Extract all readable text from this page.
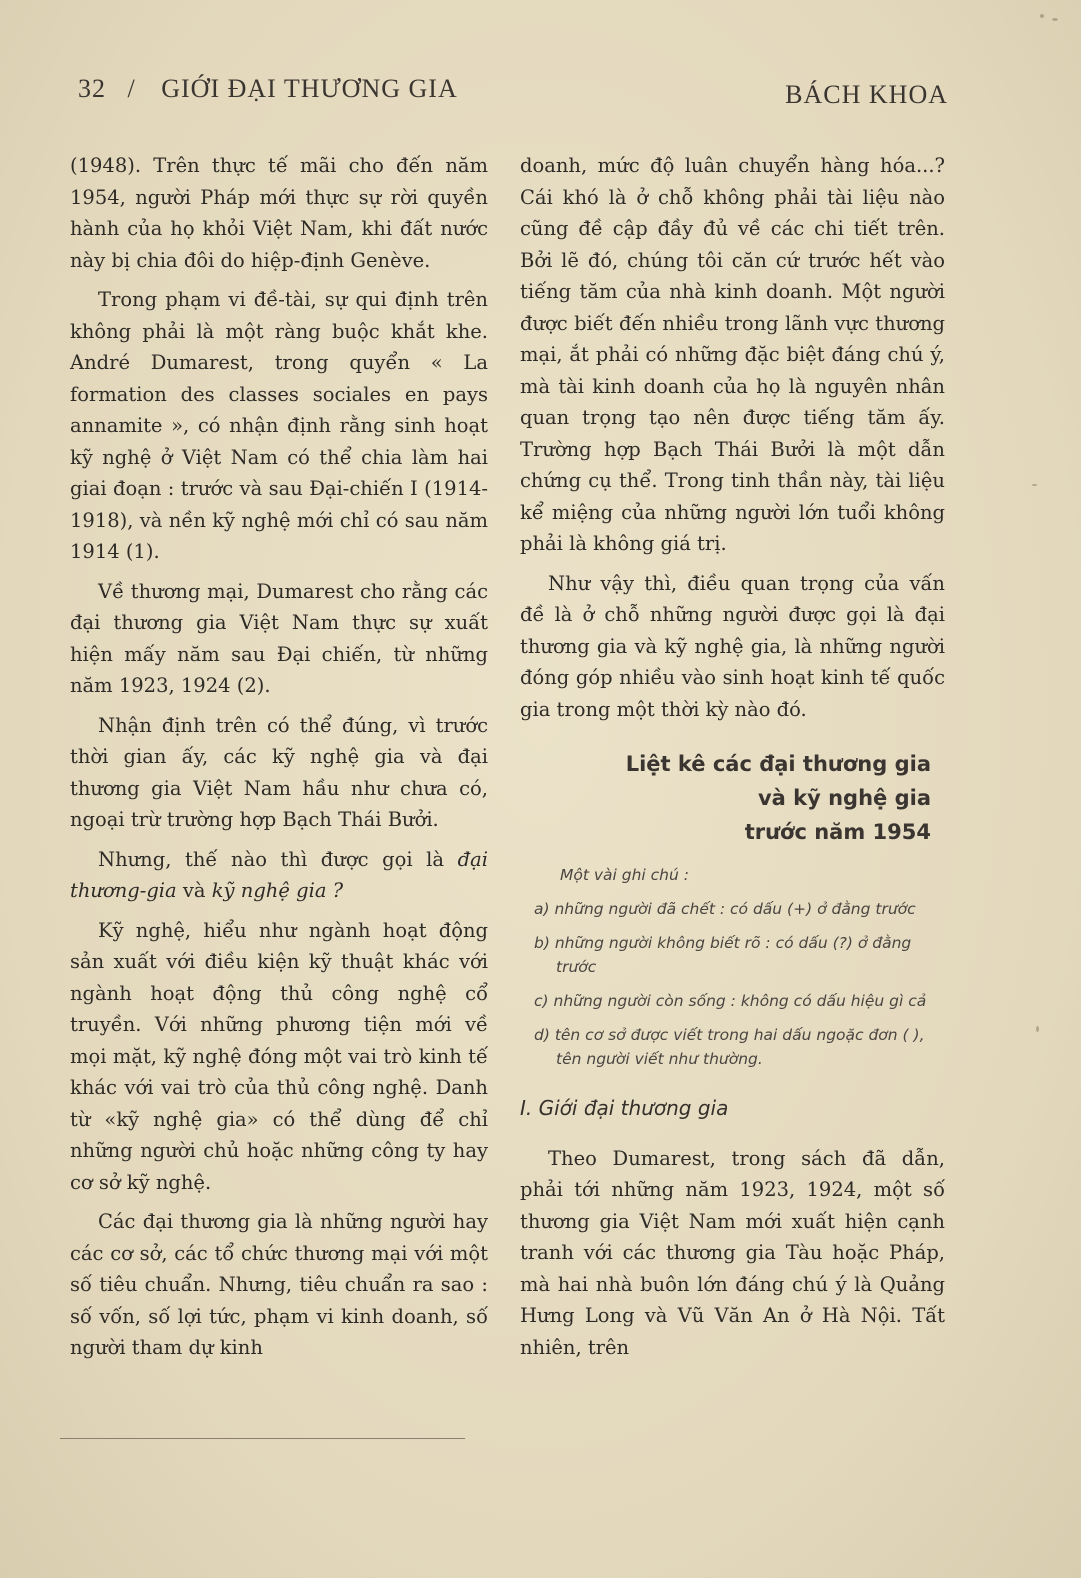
32 / GIỚI ĐẠI THƯƠNG GIA	BÁCH KHOA

(1948). Trên thực tế mãi cho đến năm 1954, người Pháp mới thực sự rời quyền hành của họ khỏi Việt Nam, khi đất nước này bị chia đôi do hiệp-định Genève.

Trong phạm vi đề-tài, sự qui định trên không phải là một ràng buộc khắt khe. André Dumarest, trong quyển « La formation des classes sociales en pays annamite », có nhận định rằng sinh hoạt kỹ nghệ ở Việt Nam có thể chia làm hai giai đoạn : trước và sau Đại-chiến I (1914-1918), và nền kỹ nghệ mới chỉ có sau năm 1914 (1).

Về thương mại, Dumarest cho rằng các đại thương gia Việt Nam thực sự xuất hiện mấy năm sau Đại chiến, từ những năm 1923, 1924 (2).

Nhận định trên có thể đúng, vì trước thời gian ấy, các kỹ nghệ gia và đại thương gia Việt Nam hầu như chưa có, ngoại trừ trường hợp Bạch Thái Bưởi.

Nhưng, thế nào thì được gọi là đại thương-gia và kỹ nghệ gia ?

Kỹ nghệ, hiểu như ngành hoạt động sản xuất với điều kiện kỹ thuật khác với ngành hoạt động thủ công nghệ cổ truyền. Với những phương tiện mới về mọi mặt, kỹ nghệ đóng một vai trò kinh tế khác với vai trò của thủ công nghệ. Danh từ «kỹ nghệ gia» có thể dùng để chỉ những người chủ hoặc những công ty hay cơ sở kỹ nghệ.

Các đại thương gia là những người hay các cơ sở, các tổ chức thương mại với một số tiêu chuẩn. Nhưng, tiêu chuẩn ra sao : số vốn, số lợi tức, phạm vi kinh doanh, số người tham dự kinh

doanh, mức độ luân chuyển hàng hóa...? Cái khó là ở chỗ không phải tài liệu nào cũng đề cập đầy đủ về các chi tiết trên. Bởi lẽ đó, chúng tôi căn cứ trước hết vào tiếng tăm của nhà kinh doanh. Một người được biết đến nhiều trong lãnh vực thương mại, ắt phải có những đặc biệt đáng chú ý, mà tài kinh doanh của họ là nguyên nhân quan trọng tạo nên được tiếng tăm ấy. Trường hợp Bạch Thái Bưởi là một dẫn chứng cụ thể. Trong tinh thần này, tài liệu kể miệng của những người lớn tuổi không phải là không giá trị.

Như vậy thì, điều quan trọng của vấn đề là ở chỗ những người được gọi là đại thương gia và kỹ nghệ gia, là những người đóng góp nhiều vào sinh hoạt kinh tế quốc gia trong một thời kỳ nào đó.

Liệt kê các đại thương gia
và kỹ nghệ gia
trước năm 1954
Một vài ghi chú :
a) những người đã chết : có dấu (+) ở đằng trước
b) những người không biết rõ : có dấu (?) ở đằng trước
c) những người còn sống : không có dấu hiệu gì cả
d) tên cơ sở được viết trong hai dấu ngoặc đơn ( ), tên người viết như thường.
I. Giới đại thương gia

Theo Dumarest, trong sách đã dẫn, phải tới những năm 1923, 1924, một số thương gia Việt Nam mới xuất hiện cạnh tranh với các thương gia Tàu hoặc Pháp, mà hai nhà buôn lớn đáng chú ý là Quảng Hưng Long và Vũ Văn An ở Hà Nội. Tất nhiên, trên
